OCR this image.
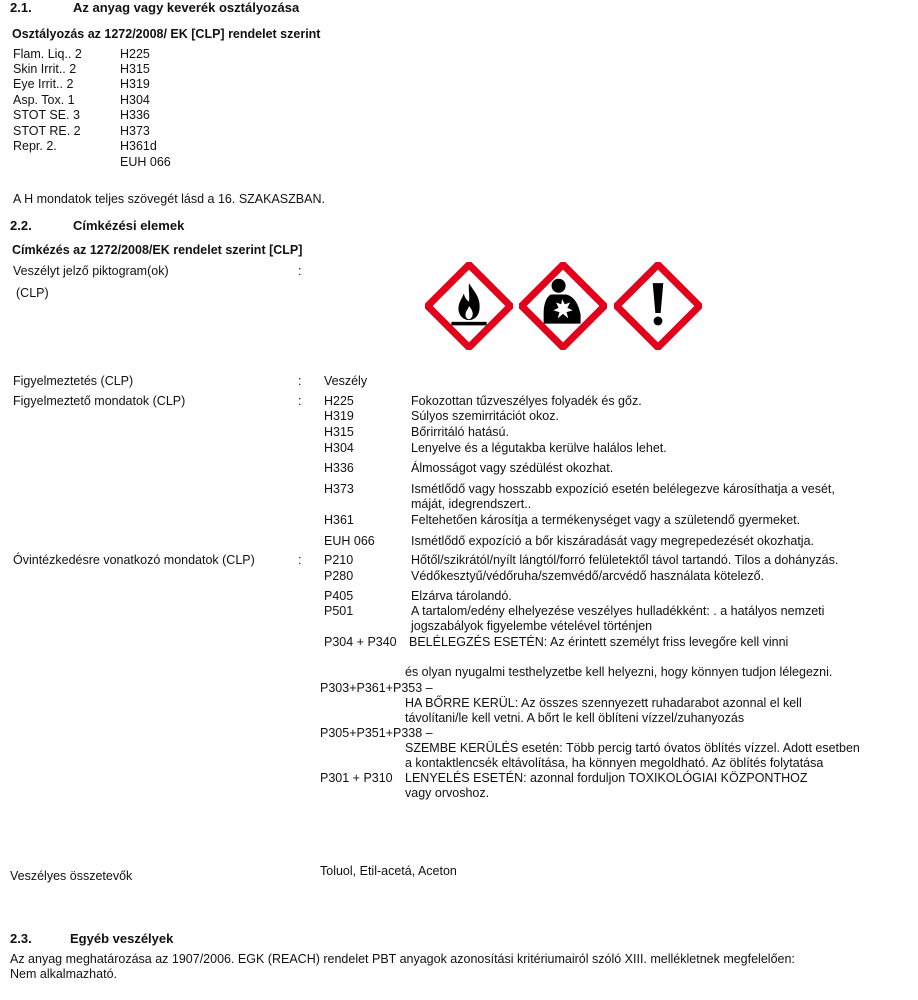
2.1.	Az anyag vagy keverék osztályozása
Osztályozás az 1272/2008/ EK [CLP] rendelet szerint
Flam. Liq.. 2	H225
Skin Irrit.. 2	H315
Eye Irrit.. 2	H319
Asp. Tox. 1	H304
STOT SE. 3	H336
STOT RE. 2	H373
Repr. 2.	H361d
EUH 066
A H mondatok teljes szövegét lásd a 16. SZAKASZBAN.
2.2.	Címkézési elemek
Címkézés az 1272/2008/EK rendelet szerint [CLP]
Veszélyt jelző piktogram(ok)	:
(CLP)
Figyelmeztetés (CLP)	: Veszély
Figyelmeztető mondatok (CLP)	: H225	Fokozottan tűzveszélyes folyadék és gőz.
H319	Súlyos szemirritációt okoz.
H315	Bőrirritáló hatású.
H304	Lenyelve és a légutakba kerülve halálos lehet.
H336	Álmosságot vagy szédülést okozhat.
H373	Ismétlődő vagy hosszabb expozíció esetén belélegezve károsíthatja a vesét,
máját, idegrendszert..
H361	Feltehetően károsítja a termékenységet vagy a születendő gyermeket.
EUH 066	Ismétlődő expozíció a bőr kiszáradását vagy megrepedezését okozhatja.
Óvintézkedésre vonatkozó mondatok (CLP)	: P210	Hőtől/szikrától/nyílt lángtól/forró felületektől távol tartandó. Tilos a dohányzás.
P280	Védőkesztyű/védőruha/szemvédő/arcvédő használata kötelező.
P405	Elzárva tárolandó.
P501	A tartalom/edény elhelyezése veszélyes hulladékként: . a hatályos nemzeti
jogszabályok figyelembe vételével történjen
P304 + P340 BELÉLEGZÉS ESETÉN: Az érintett személyt friss levegőre kell vinni
és olyan nyugalmi testhelyzetbe kell helyezni, hogy könnyen tudjon lélegezni.
P303+P361+P353 –
HA BŐRRE KERÜL: Az összes szennyezett ruhadarabot azonnal el kell
távolítani/le kell vetni. A bőrt le kell öblíteni vízzel/zuhanyozás
P305+P351+P338 –
SZEMBE KERÜLÉS esetén: Több percig tartó óvatos öblítés vízzel. Adott esetben
a kontaktlencsék eltávolítása, ha könnyen megoldható. Az öblítés folytatása
P301 + P310 LENYELÉS ESETÉN: azonnal forduljon TOXIKOLÓGIAI KÖZPONTHOZ
vagy orvoshoz.
Veszélyes összetevők	Toluol, Etil-acetá, Aceton
2.3.	Egyéb veszélyek
Az anyag meghatározása az 1907/2006. EGK (REACH) rendelet PBT anyagok azonosítási kritériumairól szóló XIII. mellékletnek megfelelően:
Nem alkalmazható.
